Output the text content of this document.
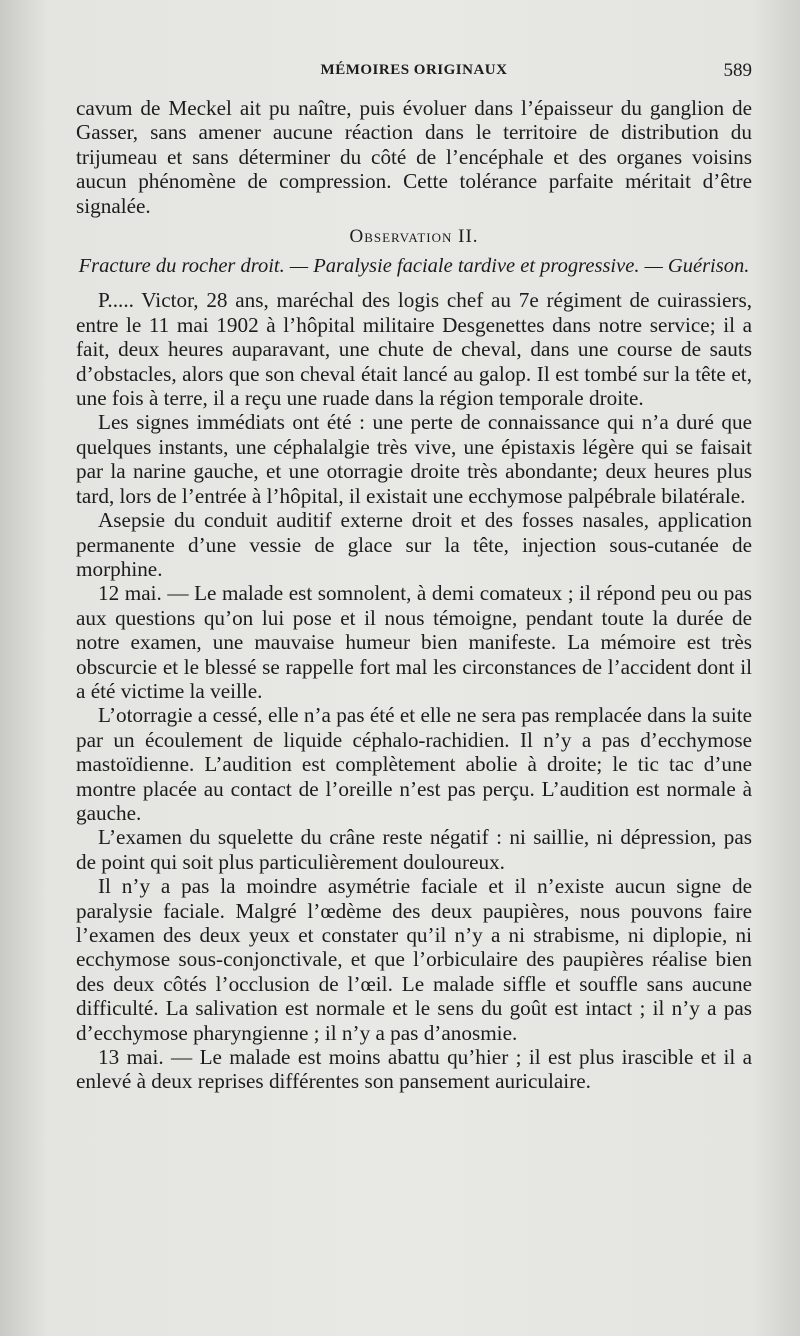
MÉMOIRES ORIGINAUX	589

cavum de Meckel ait pu naître, puis évoluer dans l’épaisseur du ganglion de Gasser, sans amener aucune réaction dans le territoire de distribution du trijumeau et sans déterminer du côté de l’encéphale et des organes voisins aucun phénomène de compression. Cette tolérance parfaite méritait d’être signalée.

Observation II.

Fracture du rocher droit. — Paralysie faciale tardive et progressive. — Guérison.

P..... Victor, 28 ans, maréchal des logis chef au 7e régiment de cuirassiers, entre le 11 mai 1902 à l’hôpital militaire Desgenettes dans notre service; il a fait, deux heures auparavant, une chute de cheval, dans une course de sauts d’obstacles, alors que son cheval était lancé au galop. Il est tombé sur la tête et, une fois à terre, il a reçu une ruade dans la région temporale droite.

Les signes immédiats ont été : une perte de connaissance qui n’a duré que quelques instants, une céphalalgie très vive, une épistaxis légère qui se faisait par la narine gauche, et une otorragie droite très abondante; deux heures plus tard, lors de l’entrée à l’hôpital, il existait une ecchymose palpébrale bilatérale.

Asepsie du conduit auditif externe droit et des fosses nasales, application permanente d’une vessie de glace sur la tête, injection sous-cutanée de morphine.

12 mai. — Le malade est somnolent, à demi comateux ; il répond peu ou pas aux questions qu’on lui pose et il nous témoigne, pendant toute la durée de notre examen, une mauvaise humeur bien manifeste. La mémoire est très obscurcie et le blessé se rappelle fort mal les circonstances de l’accident dont il a été victime la veille.

L’otorragie a cessé, elle n’a pas été et elle ne sera pas remplacée dans la suite par un écoulement de liquide céphalo-rachidien. Il n’y a pas d’ecchymose mastoïdienne. L’audition est complètement abolie à droite; le tic tac d’une montre placée au contact de l’oreille n’est pas perçu. L’audition est normale à gauche.

L’examen du squelette du crâne reste négatif : ni saillie, ni dépression, pas de point qui soit plus particulièrement douloureux.

Il n’y a pas la moindre asymétrie faciale et il n’existe aucun signe de paralysie faciale. Malgré l’œdème des deux paupières, nous pouvons faire l’examen des deux yeux et constater qu’il n’y a ni strabisme, ni diplopie, ni ecchymose sous-conjonctivale, et que l’orbiculaire des paupières réalise bien des deux côtés l’occlusion de l’œil. Le malade siffle et souffle sans aucune difficulté. La salivation est normale et le sens du goût est intact ; il n’y a pas d’ecchymose pharyngienne ; il n’y a pas d’anosmie.

13 mai. — Le malade est moins abattu qu’hier ; il est plus irascible et il a enlevé à deux reprises différentes son pansement auriculaire.
